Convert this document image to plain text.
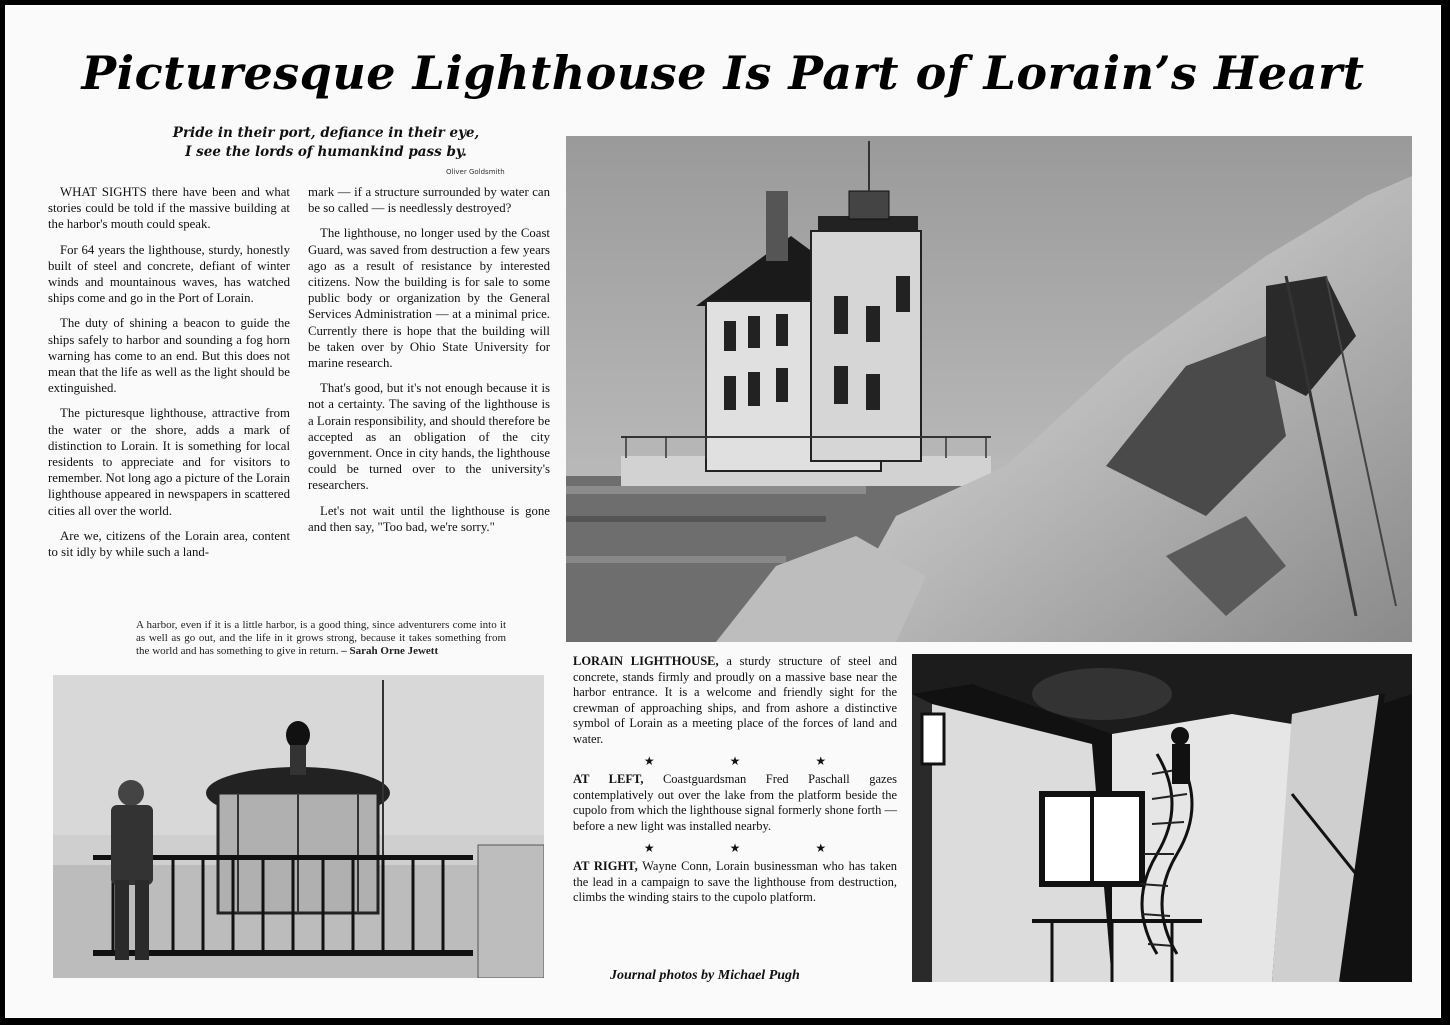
Picturesque Lighthouse Is Part of Lorain’s Heart
Pride in their port, defiance in their eye,
I see the lords of humankind pass by.
Oliver Goldsmith

WHAT SIGHTS there have been and what stories could be told if the massive building at the harbor's mouth could speak.

For 64 years the lighthouse, sturdy, honestly built of steel and concrete, defiant of winter winds and mountainous waves, has watched ships come and go in the Port of Lorain.

The duty of shining a beacon to guide the ships safely to harbor and sounding a fog horn warning has come to an end. But this does not mean that the life as well as the light should be extinguished.

The picturesque lighthouse, attractive from the water or the shore, adds a mark of distinction to Lorain. It is something for local residents to appreciate and for visitors to remember. Not long ago a picture of the Lorain lighthouse appeared in newspapers in scattered cities all over the world.

Are we, citizens of the Lorain area, content to sit idly by while such a land-

mark — if a structure surrounded by water can be so called — is needlessly destroyed?

The lighthouse, no longer used by the Coast Guard, was saved from destruction a few years ago as a result of resistance by interested citizens. Now the building is for sale to some public body or organization by the General Services Administration — at a minimal price. Currently there is hope that the building will be taken over by Ohio State University for marine research.

That's good, but it's not enough because it is not a certainty. The saving of the lighthouse is a Lorain responsibility, and should therefore be accepted as an obligation of the city government. Once in city hands, the lighthouse could be turned over to the university's researchers.

Let's not wait until the lighthouse is gone and then say, "Too bad, we're sorry."

A harbor, even if it is a little harbor, is a good thing, since adventurers come into it as well as go out, and the life in it grows strong, because it takes something from the world and has something to give in return. – Sarah Orne Jewett

LORAIN LIGHTHOUSE, a sturdy structure of steel and concrete, stands firmly and proudly on a massive base near the harbor entrance. It is a welcome and friendly sight for the crewman of approaching ships, and from ashore a distinctive symbol of Lorain as a meeting place of the forces of land and water.

★ ★ ★

AT LEFT, Coastguardsman Fred Paschall gazes contemplatively out over the lake from the platform beside the cupolo from which the lighthouse signal formerly shone forth — before a new light was installed nearby.

★ ★ ★

AT RIGHT, Wayne Conn, Lorain businessman who has taken the lead in a campaign to save the lighthouse from destruction, climbs the winding stairs to the cupolo platform.

Journal photos by Michael Pugh
